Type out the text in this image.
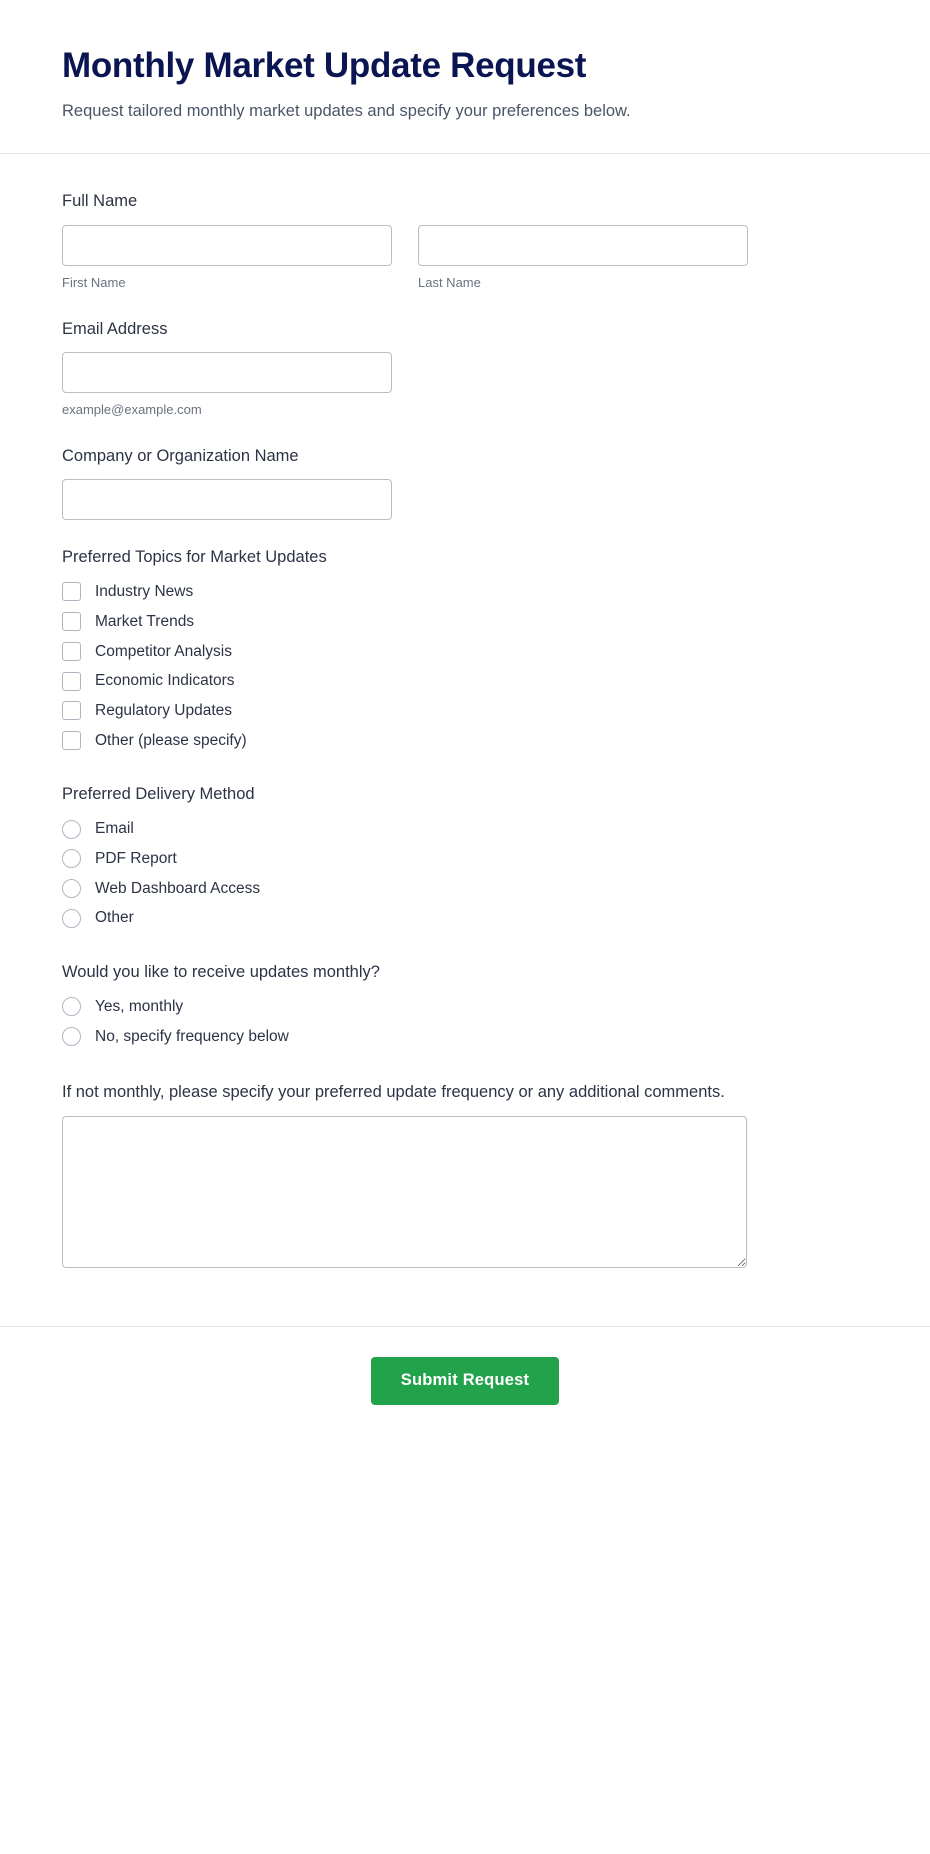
Monthly Market Update Request

Request tailored monthly market updates and specify your preferences below.

Full Name
First Name	Last Name
Email Address
example@example.com
Company or Organization Name
Preferred Topics for Market Updates
Industry News
Market Trends
Competitor Analysis
Economic Indicators
Regulatory Updates
Other (please specify)
Preferred Delivery Method
Email
PDF Report
Web Dashboard Access
Other
Would you like to receive updates monthly?
Yes, monthly
No, specify frequency below
If not monthly, please specify your preferred update frequency or any additional comments.
Submit Request
